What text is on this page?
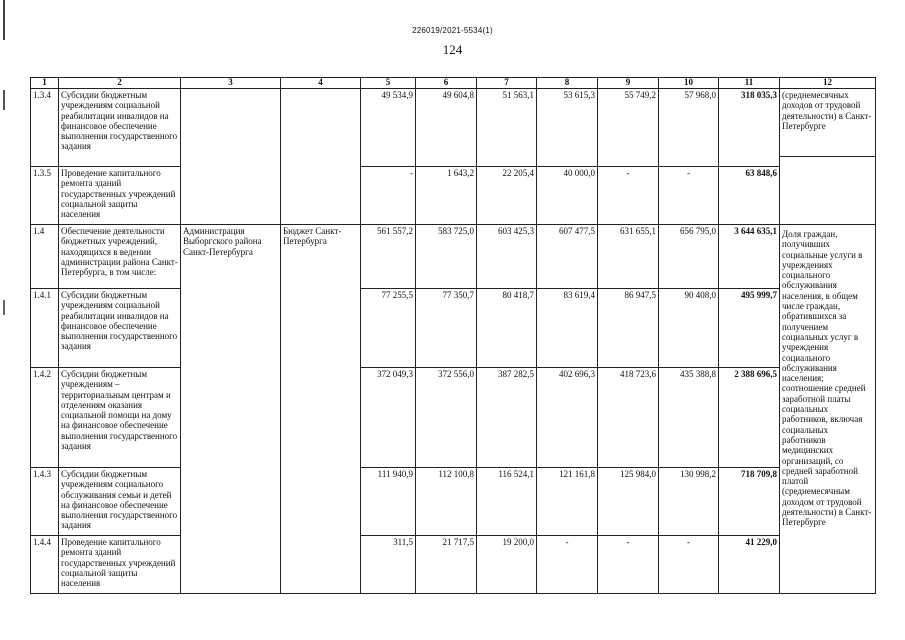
226019/2021-5534(1)
124
1	2	3	4	5	6	7	8	9	10	11	12
1.3.4	Субсидии бюджетным учреждениям социальной реабилитации инвалидов на финансовое обеспечение выполнения государственного задания			49 534,9	49 604,8	51 563,1	53 615,3	55 749,2	57 968,0	318 035,3	(среднемесячных доходов от трудовой деятельности) в Санкт-Петербурге

1.3.5	Проведение капитального ремонта зданий государственных учреждений социальной защиты населения			-	1 643,2	22 205,4	40 000,0	-	-	63 848,6	
1.4	Обеспечение деятельности бюджетных учреждений, находящихся в ведении администрации района Санкт-Петербурга, в том числе:	Администрация Выборгского района Санкт-Петербурга	Бюджет Санкт-Петербурга	561 557,2	583 725,0	603 425,3	607 477,5	631 655,1	656 795,0	3 644 635,1	Доля граждан, получивших социальные услуги в учреждениях социального обслуживания населения, в общем числе граждан, обратившихся за получением социальных услуг в учреждения социального обслуживания населения; соотношение средней заработной платы социальных работников, включая социальных работников медицинских организаций, со средней заработной платой (среднемесячным доходом от трудовой деятельности) в Санкт-Петербурге
1.4.1	Субсидии бюджетным учреждениям социальной реабилитации инвалидов на финансовое обеспечение выполнения государственного задания			77 255,5	77 350,7	80 418,7	83 619,4	86 947,5	90 408,0	495 999,7	
1.4.2	Субсидии бюджетным учреждениям – территориальным центрам и отделениям оказания социальной помощи на дому на финансовое обеспечение выполнения государственного задания			372 049,3	372 556,0	387 282,5	402 696,3	418 723,6	435 388,8	2 388 696,5	
1.4.3	Субсидии бюджетным учреждениям социального обслуживания семьи и детей на финансовое обеспечение выполнения государственного задания			111 940,9	112 100,8	116 524,1	121 161,8	125 984,0	130 998,2	718 709,8	
1.4.4	Проведение капитального ремонта зданий государственных учреждений социальной защиты населения			311,5	21 717,5	19 200,0	-	-	-	41 229,0	
